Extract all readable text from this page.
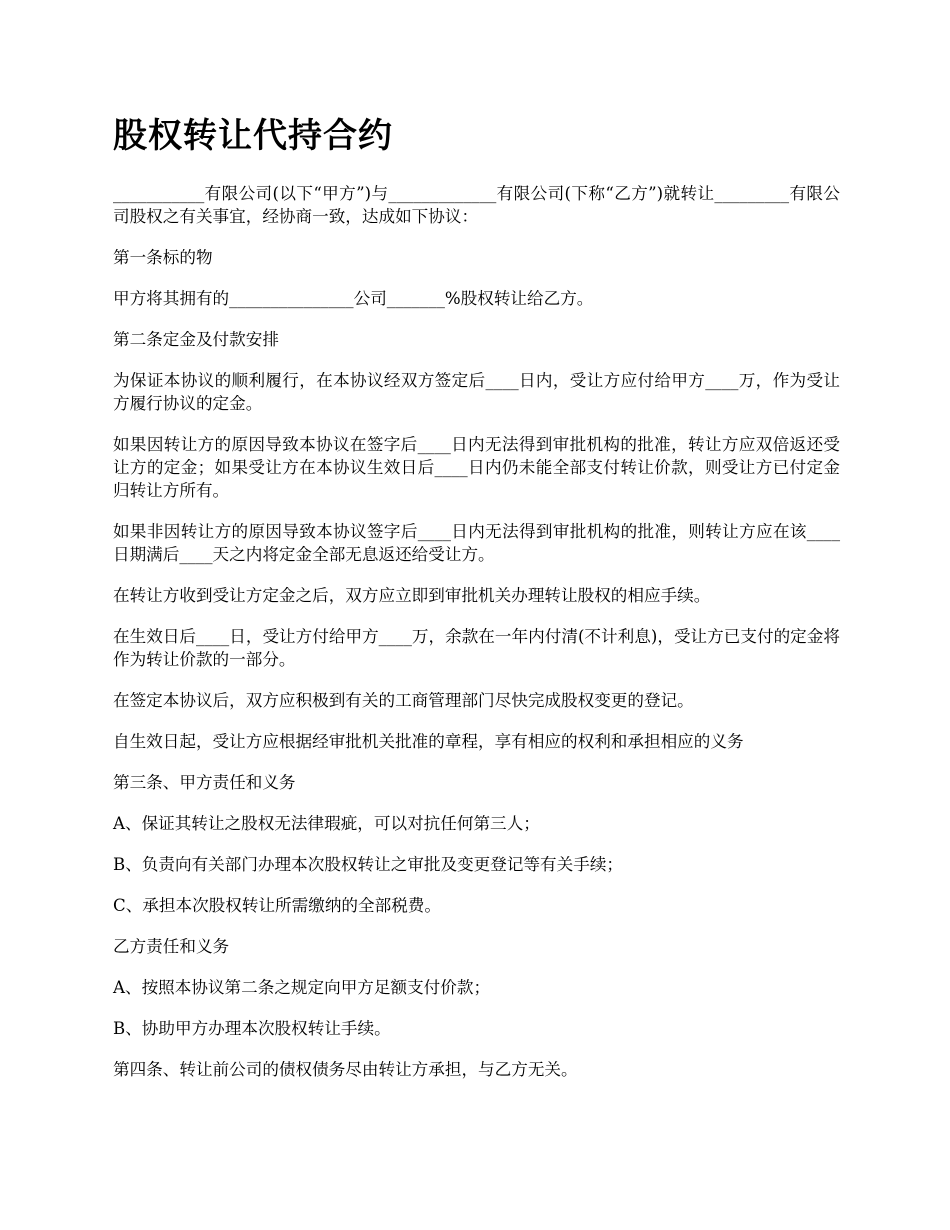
股权转让代持合约

___________有限公司(以下“甲方”)与_____________有限公司(下称“乙方”)就转让_________有限公司股权之有关事宜，经协商一致，达成如下协议：

第一条标的物

甲方将其拥有的_______________公司_______%股权转让给乙方。

第二条定金及付款安排

为保证本协议的顺利履行，在本协议经双方签定后____日内，受让方应付给甲方____万，作为受让方履行协议的定金。

如果因转让方的原因导致本协议在签字后____日内无法得到审批机构的批准，转让方应双倍返还受让方的定金；如果受让方在本协议生效日后____日内仍未能全部支付转让价款，则受让方已付定金归转让方所有。

如果非因转让方的原因导致本协议签字后____日内无法得到审批机构的批准，则转让方应在该____日期满后____天之内将定金全部无息返还给受让方。

在转让方收到受让方定金之后，双方应立即到审批机关办理转让股权的相应手续。

在生效日后____日，受让方付给甲方____万，余款在一年内付清(不计利息)，受让方已支付的定金将作为转让价款的一部分。

在签定本协议后，双方应积极到有关的工商管理部门尽快完成股权变更的登记。

自生效日起，受让方应根据经审批机关批准的章程，享有相应的权利和承担相应的义务

第三条、甲方责任和义务

A、保证其转让之股权无法律瑕疵，可以对抗任何第三人；

B、负责向有关部门办理本次股权转让之审批及变更登记等有关手续；

C、承担本次股权转让所需缴纳的全部税费。

乙方责任和义务

A、按照本协议第二条之规定向甲方足额支付价款；

B、协助甲方办理本次股权转让手续。

第四条、转让前公司的债权债务尽由转让方承担，与乙方无关。
